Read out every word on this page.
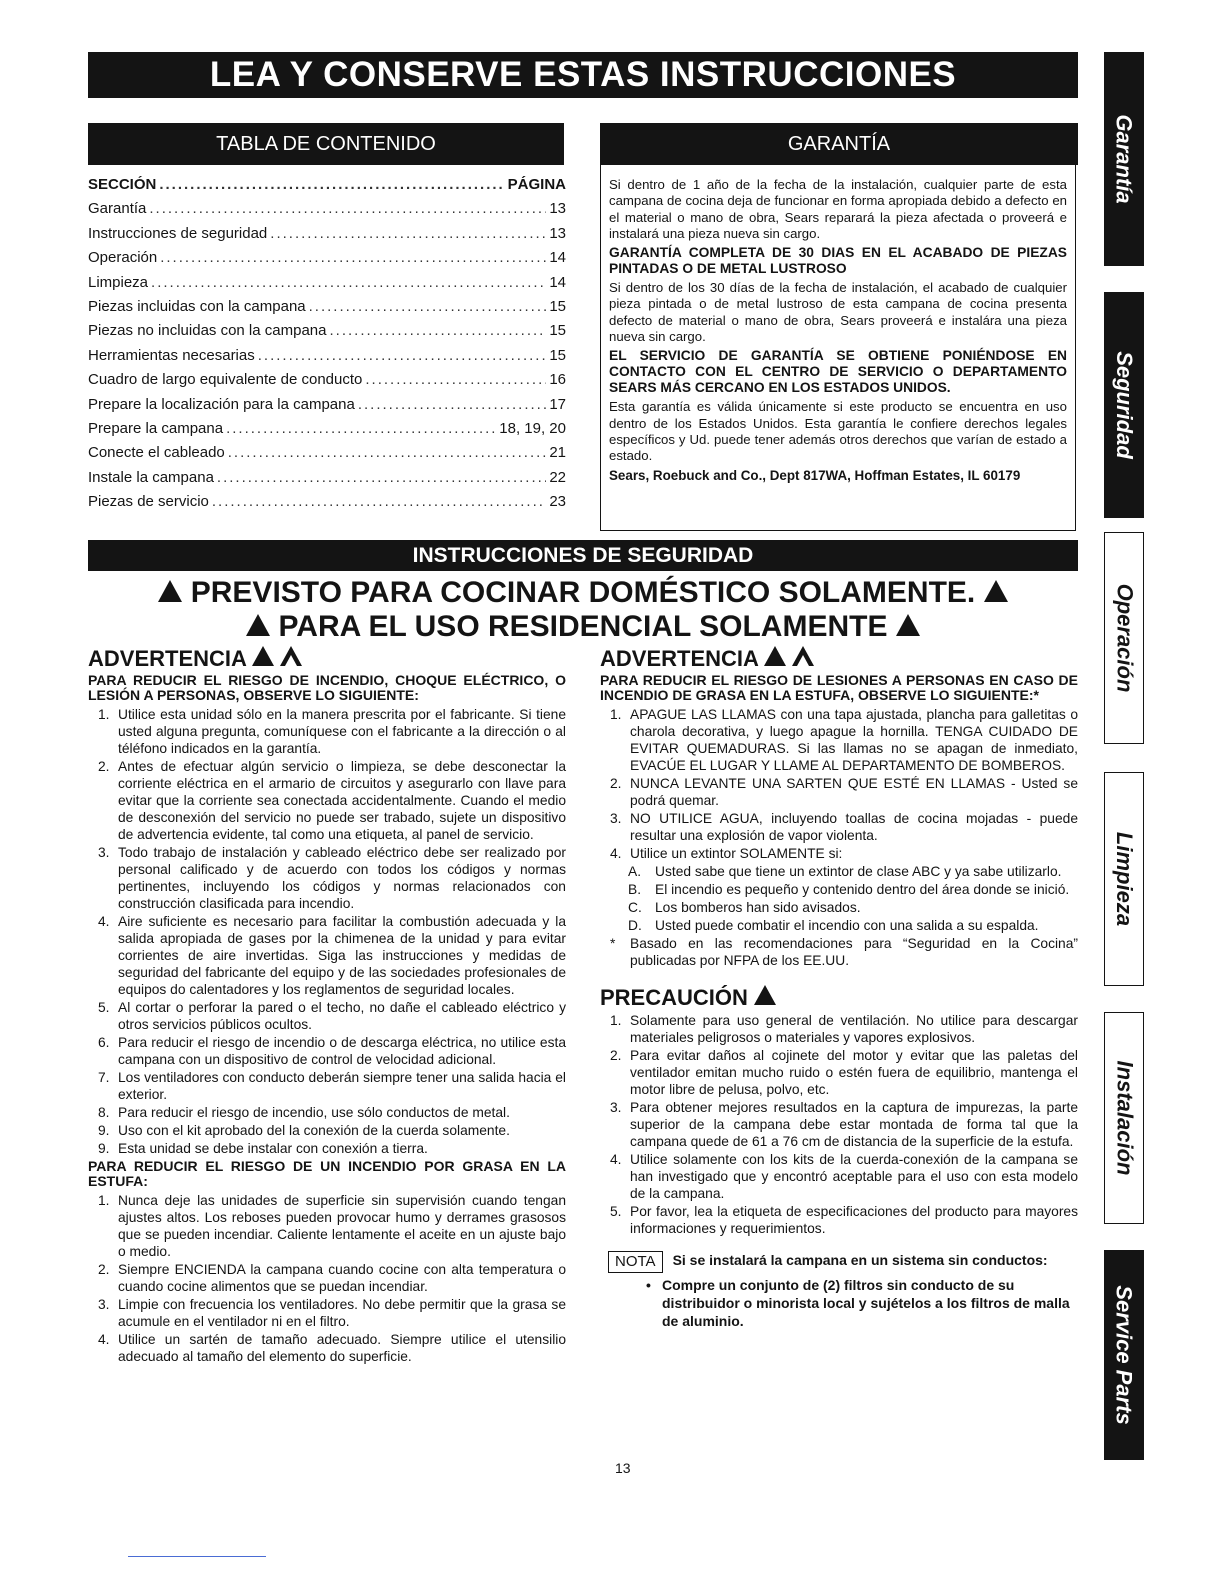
LEA Y CONSERVE ESTAS INSTRUCCIONES
TABLA DE CONTENIDO
SECCIÓN .....	PÁGINA
Garantía .....	13
Instrucciones de seguridad .....	13
Operación .....	14
Limpieza .....	14
Piezas incluidas con la campana .....	15
Piezas no incluidas con la campana .....	15
Herramientas necesarias .....	15
Cuadro de largo equivalente de conducto .....	16
Prepare la localización para la campana .....	17
Prepare la campana .....	18, 19, 20
Conecte el cableado .....	21
Instale la campana .....	22
Piezas de servicio .....	23
GARANTÍA

Si dentro de 1 año de la fecha de la instalación, cualquier parte de esta campana de cocina deja de funcionar en forma apropiada debido a defecto en el material o mano de obra, Sears reparará la pieza afectada o proveerá e instalará una pieza nueva sin cargo.

GARANTÍA COMPLETA DE 30 DIAS EN EL ACABADO DE PIEZAS PINTADAS O DE METAL LUSTROSO

Si dentro de los 30 días de la fecha de instalación, el acabado de cualquier pieza pintada o de metal lustroso de esta campana de cocina presenta defecto de material o mano de obra, Sears proveerá e instalára una pieza nueva sin cargo.

EL SERVICIO DE GARANTÍA SE OBTIENE PONIÉNDOSE EN CONTACTO CON EL CENTRO DE SERVICIO O DEPARTAMENTO SEARS MÁS CERCANO EN LOS ESTADOS UNIDOS.

Esta garantía es válida únicamente si este producto se encuentra en uso dentro de los Estados Unidos. Esta garantía le confiere derechos legales específicos y Ud. puede tener además otros derechos que varían de estado a estado.

Sears, Roebuck and Co., Dept 817WA, Hoffman Estates, IL 60179

INSTRUCCIONES DE SEGURIDAD
PREVISTO PARA COCINAR DOMÉSTICO SOLAMENTE.
PARA EL USO RESIDENCIAL SOLAMENTE
ADVERTENCIA
PARA REDUCIR EL RIESGO DE INCENDIO, CHOQUE ELÉCTRICO, O LESIÓN A PERSONAS, OBSERVE LO SIGUIENTE:
1. Utilice esta unidad sólo en la manera prescrita por el fabricante. Si tiene usted alguna pregunta, comuníquese con el fabricante a la dirección o al téléfono indicados en la garantía.
2. Antes de efectuar algún servicio o limpieza, se debe desconectar la corriente eléctrica en el armario de circuitos y asegurarlo con llave para evitar que la corriente sea conectada accidentalmente. Cuando el medio de desconexión del servicio no puede ser trabado, sujete un dispositivo de advertencia evidente, tal como una etiqueta, al panel de servicio.
3. Todo trabajo de instalación y cableado eléctrico debe ser realizado por personal calificado y de acuerdo con todos los códigos y normas pertinentes, incluyendo los códigos y normas relacionados con construcción clasificada para incendio.
4. Aire suficiente es necesario para facilitar la combustión adecuada y la salida apropiada de gases por la chimenea de la unidad y para evitar corrientes de aire invertidas. Siga las instrucciones y medidas de seguridad del fabricante del equipo y de las sociedades profesionales de equipos do calentadores y los reglamentos de seguridad locales.
5. Al cortar o perforar la pared o el techo, no dañe el cableado eléctrico y otros servicios públicos ocultos.
6. Para reducir el riesgo de incendio o de descarga eléctrica, no utilice esta campana con un dispositivo de control de velocidad adicional.
7. Los ventiladores con conducto deberán siempre tener una salida hacia el exterior.
8. Para reducir el riesgo de incendio, use sólo conductos de metal.
9. Uso con el kit aprobado del la conexión de la cuerda solamente.
9. Esta unidad se debe instalar con conexión a tierra.
PARA REDUCIR EL RIESGO DE UN INCENDIO POR GRASA EN LA ESTUFA:
1. Nunca deje las unidades de superficie sin supervisión cuando tengan ajustes altos. Los reboses pueden provocar humo y derrames grasosos que se pueden incendiar. Caliente lentamente el aceite en un ajuste bajo o medio.
2. Siempre ENCIENDA la campana cuando cocine con alta temperatura o cuando cocine alimentos que se puedan incendiar.
3. Limpie con frecuencia los ventiladores. No debe permitir que la grasa se acumule en el ventilador ni en el filtro.
4. Utilice un sartén de tamaño adecuado. Siempre utilice el utensilio adecuado al tamaño del elemento do superficie.
ADVERTENCIA
PARA REDUCIR EL RIESGO DE LESIONES A PERSONAS EN CASO DE INCENDIO DE GRASA EN LA ESTUFA, OBSERVE LO SIGUIENTE:*
1. APAGUE LAS LLAMAS con una tapa ajustada, plancha para galletitas o charola decorativa, y luego apague la hornilla. TENGA CUIDADO DE EVITAR QUEMADURAS. Si las llamas no se apagan de inmediato, EVACÚE EL LUGAR Y LLAME AL DEPARTAMENTO DE BOMBEROS.
2. NUNCA LEVANTE UNA SARTEN QUE ESTÉ EN LLAMAS - Usted se podrá quemar.
3. NO UTILICE AGUA, incluyendo toallas de cocina mojadas - puede resultar una explosión de vapor violenta.
4. Utilice un extintor SOLAMENTE si:
A. Usted sabe que tiene un extintor de clase ABC y ya sabe utilizarlo.
B. El incendio es pequeño y contenido dentro del área donde se inició.
C. Los bomberos han sido avisados.
D. Usted puede combatir el incendio con una salida a su espalda.
* Basado en las recomendaciones para “Seguridad en la Cocina” publicadas por NFPA de los EE.UU.
PRECAUCIÓN
1. Solamente para uso general de ventilación. No utilice para descargar materiales peligrosos o materiales y vapores explosivos.
2. Para evitar daños al cojinete del motor y evitar que las paletas del ventilador emitan mucho ruido o estén fuera de equilibrio, mantenga el motor libre de pelusa, polvo, etc.
3. Para obtener mejores resultados en la captura de impurezas, la parte superior de la campana debe estar montada de forma tal que la campana quede de 61 a 76 cm de distancia de la superficie de la estufa.
4. Utilice solamente con los kits de la cuerda-conexión de la campana se han investigado que y encontró aceptable para el uso con esta modelo de la campana.
5. Por favor, lea la etiqueta de especificaciones del producto para mayores informaciones y requerimientos.
NOTA	Si se instalará la campana en un sistema sin conductos:
• Compre un conjunto de (2) filtros sin conducto de su distribuidor o minorista local y sujételos a los filtros de malla de aluminio.
13
Garantía
Seguridad
Operación
Limpieza
Instalación
Service Parts
